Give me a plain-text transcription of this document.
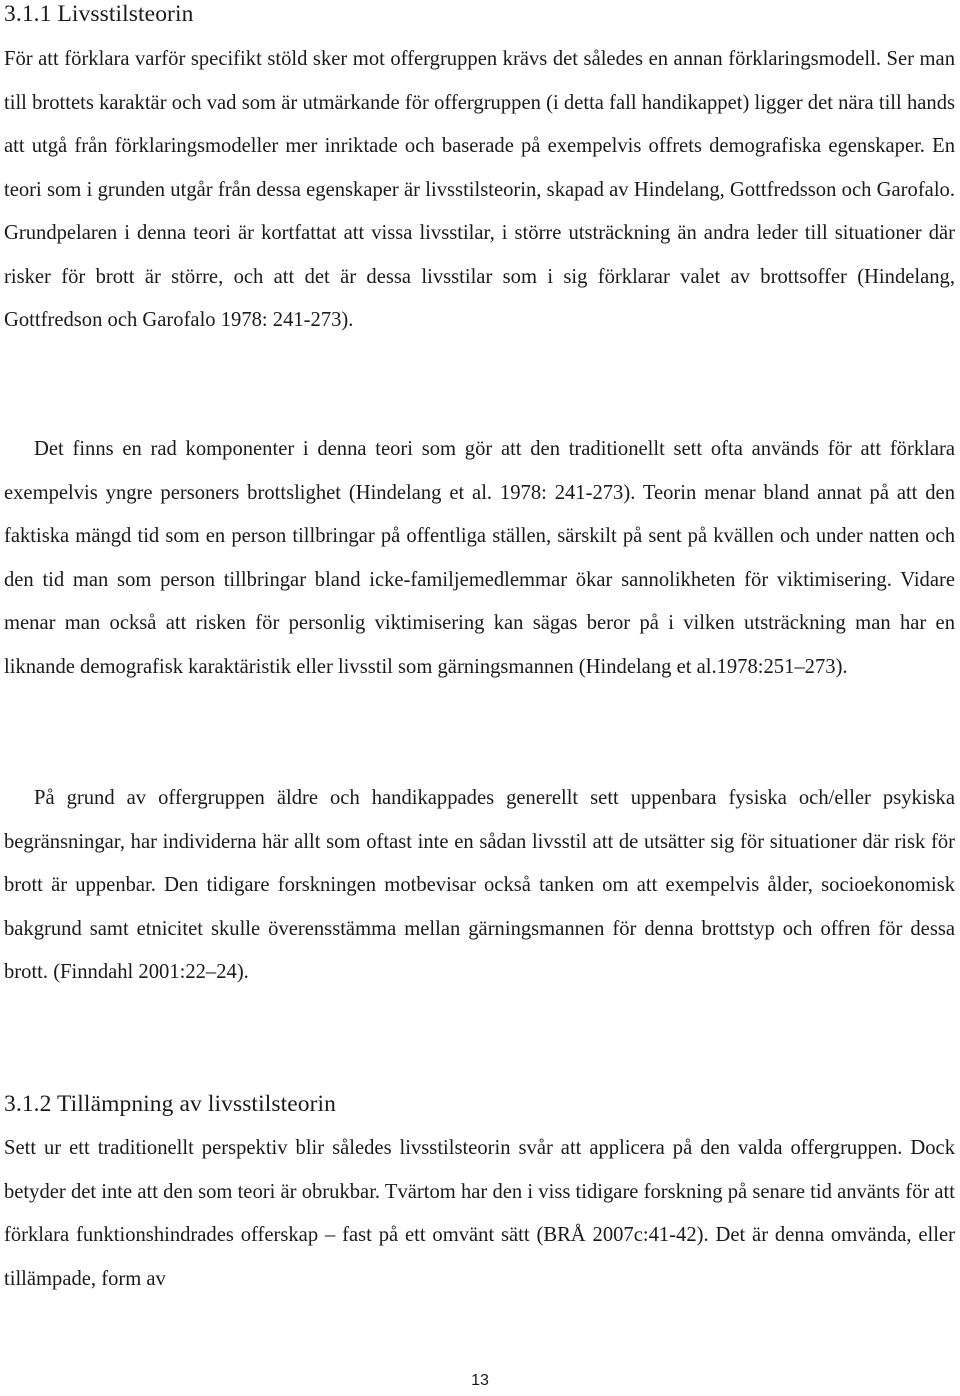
3.1.1 Livsstilsteorin

För att förklara varför specifikt stöld sker mot offergruppen krävs det således en annan förklaringsmodell. Ser man till brottets karaktär och vad som är utmärkande för offergruppen (i detta fall handikappet) ligger det nära till hands att utgå från förklaringsmodeller mer inriktade och baserade på exempelvis offrets demografiska egenskaper. En teori som i grunden utgår från dessa egenskaper är livsstilsteorin, skapad av Hindelang, Gottfredsson och Garofalo. Grundpelaren i denna teori är kortfattat att vissa livsstilar, i större utsträckning än andra leder till situationer där risker för brott är större, och att det är dessa livsstilar som i sig förklarar valet av brottsoffer (Hindelang, Gottfredson och Garofalo 1978: 241-273).

Det finns en rad komponenter i denna teori som gör att den traditionellt sett ofta används för att förklara exempelvis yngre personers brottslighet (Hindelang et al. 1978: 241-273). Teorin menar bland annat på att den faktiska mängd tid som en person tillbringar på offentliga ställen, särskilt på sent på kvällen och under natten och den tid man som person tillbringar bland icke-familjemedlemmar ökar sannolikheten för viktimisering. Vidare menar man också att risken för personlig viktimisering kan sägas beror på i vilken utsträckning man har en liknande demografisk karaktäristik eller livsstil som gärningsmannen (Hindelang et al.1978:251–273).

På grund av offergruppen äldre och handikappades generellt sett uppenbara fysiska och/eller psykiska begränsningar, har individerna här allt som oftast inte en sådan livsstil att de utsätter sig för situationer där risk för brott är uppenbar. Den tidigare forskningen motbevisar också tanken om att exempelvis ålder, socioekonomisk bakgrund samt etnicitet skulle överensstämma mellan gärningsmannen för denna brottstyp och offren för dessa brott. (Finndahl 2001:22–24).

3.1.2 Tillämpning av livsstilsteorin

Sett ur ett traditionellt perspektiv blir således livsstilsteorin svår att applicera på den valda offergruppen. Dock betyder det inte att den som teori är obrukbar. Tvärtom har den i viss tidigare forskning på senare tid använts för att förklara funktionshindrades offerskap – fast på ett omvänt sätt (BRÅ 2007c:41-42). Det är denna omvända, eller tillämpade, form av

13
